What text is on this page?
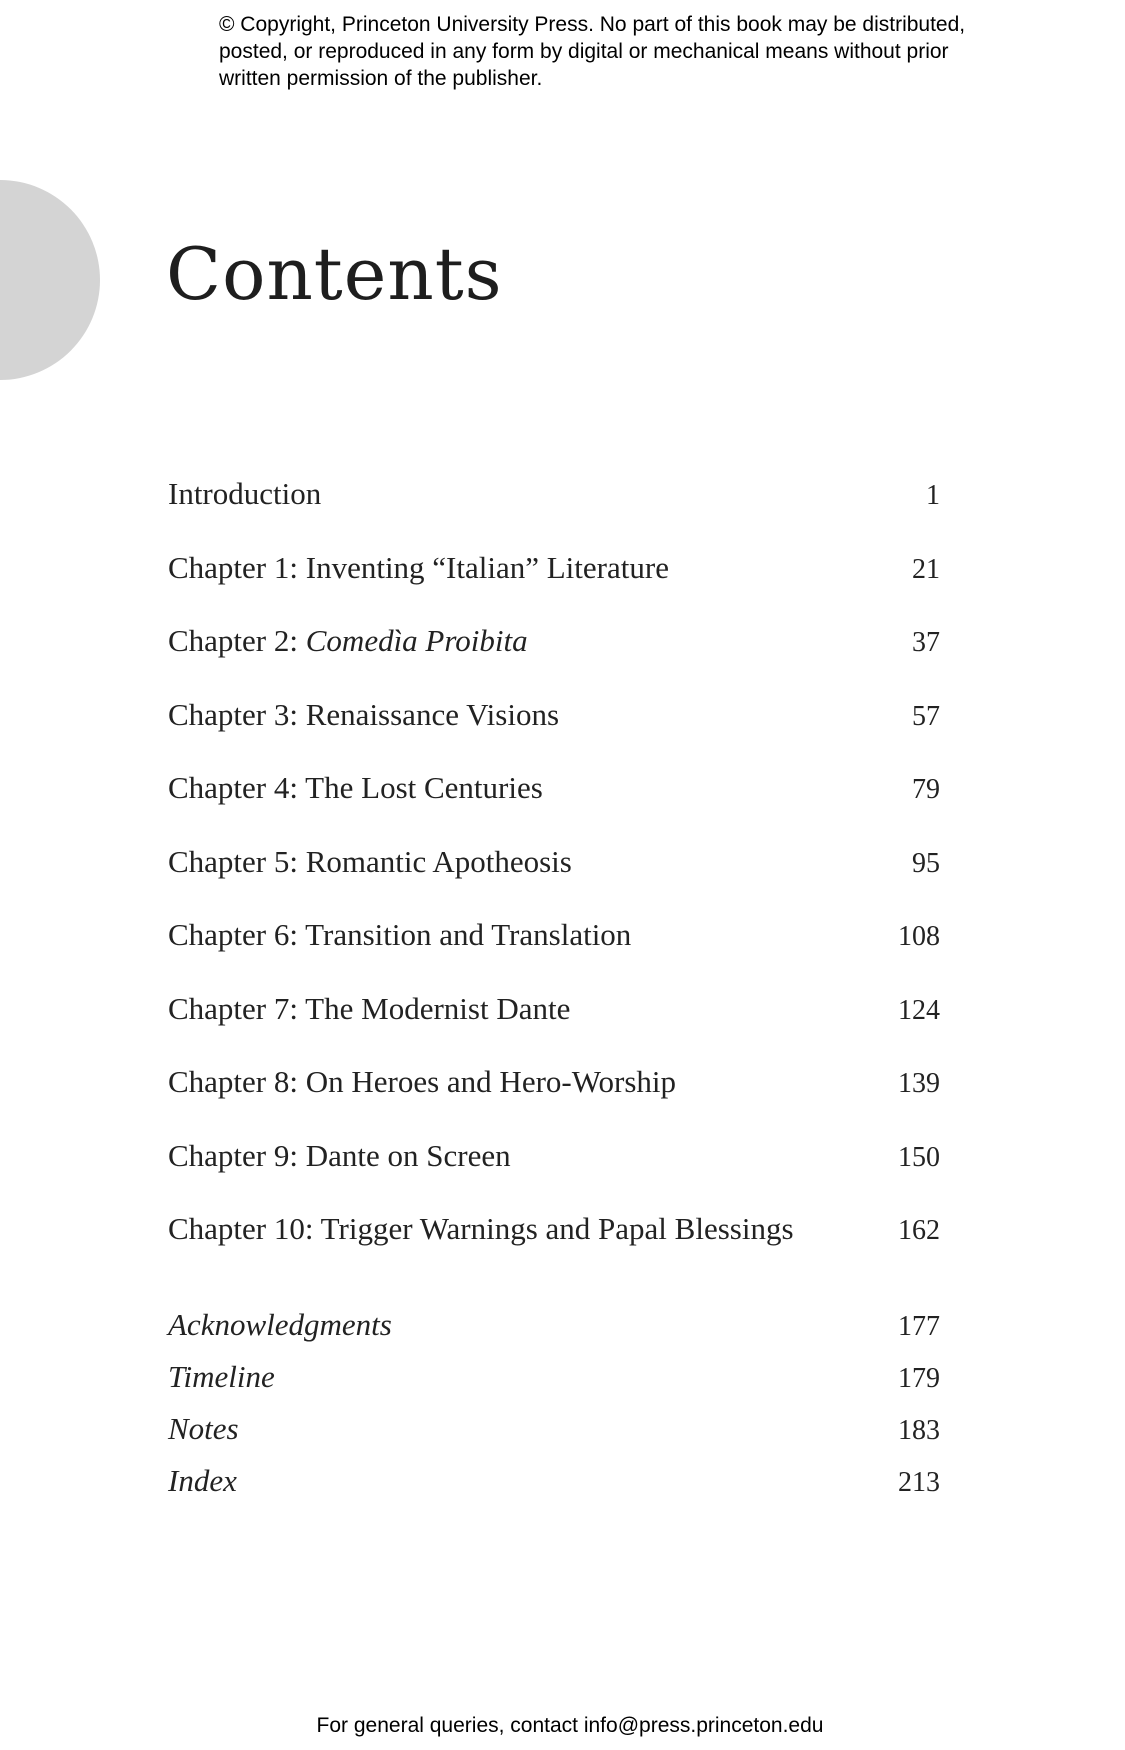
© Copyright, Princeton University Press. No part of this book may be distributed, posted, or reproduced in any form by digital or mechanical means without prior written permission of the publisher.
Contents
Introduction	1
Chapter 1: Inventing “Italian” Literature	21
Chapter 2: Comedìa Proibita	37
Chapter 3: Renaissance Visions	57
Chapter 4: The Lost Centuries	79
Chapter 5: Romantic Apotheosis	95
Chapter 6: Transition and Translation	108
Chapter 7: The Modernist Dante	124
Chapter 8: On Heroes and Hero-Worship	139
Chapter 9: Dante on Screen	150
Chapter 10: Trigger Warnings and Papal Blessings	162
Acknowledgments	177
Timeline	179
Notes	183
Index	213
For general queries, contact info@press.princeton.edu
